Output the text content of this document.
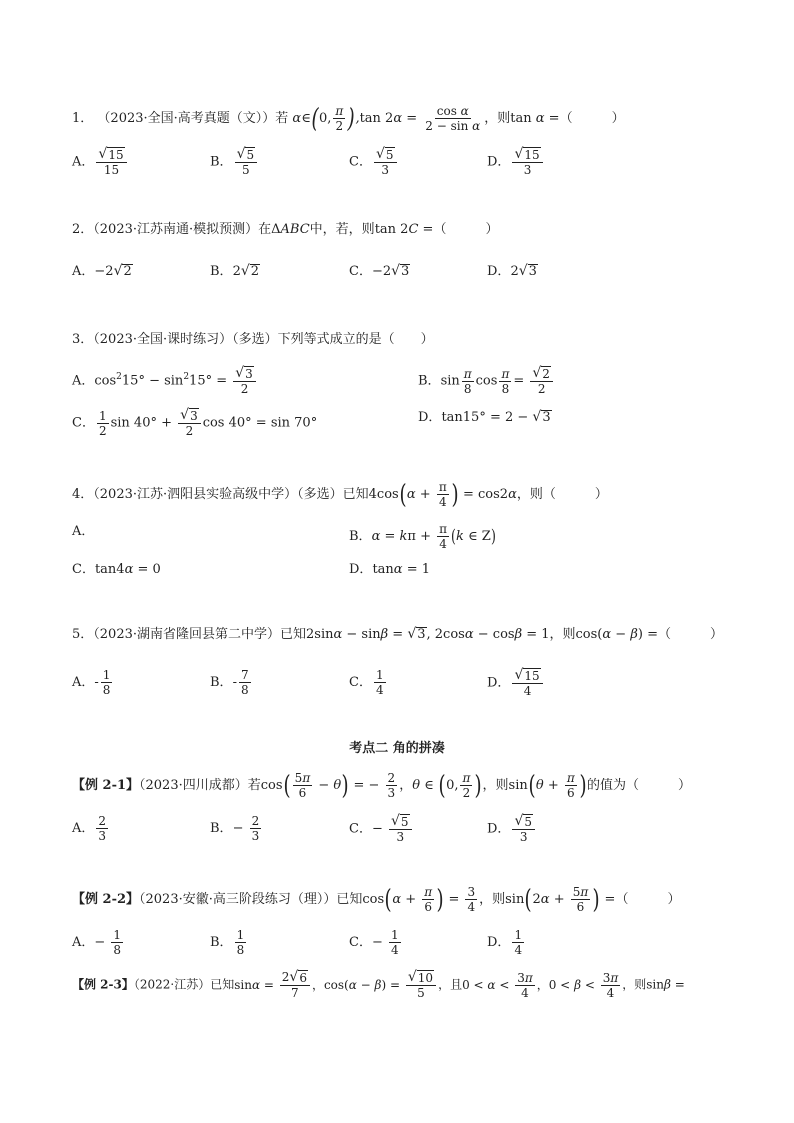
1． （2023·全国·高考真题（文））若 α∈(0, $\frac{\pi}{2} ),\tan$ $2\alpha = \frac{\text{cos α}}{\text{2 − sin α}}$ ，则tan α =（　　　）
A． $\frac{√ 15}{15}$	B． $\frac{√ 5}{5}$	C． $\frac{√ 5}{3}$	D． $\frac{√ 15}{3}$
2．（2023·江苏南通·模拟预测）在ΔABC中，若，则tan 2C =（　　　）
A．−2 √ 2	B．2 √ 2	C．−2 √ 3	D．2 √ 3
3．（2023·全国·课时练习）（多选）下列等式成立的是（　　）
A．$\cos^215^\circ - \sin^215^\circ = \frac{√ 3}{2}$	B．$\sin \frac{\pi}{8}$ $\cos \frac{\pi}{8} = \frac{√ 2}{2}$
C． $\frac{1}{2}$ $\sin 40^\circ + \frac{√ 3}{2}$ cos 40° = sin 70°	D．tan15° = 2 − √ 3
4．（2023·江苏·泗阳县实验高级中学）（多选）已知$4\cos(\alpha + \frac{\pi}{4}$ ) = cos2α，则（　　　）
A．	B．$\alpha = k\pi + \frac{\pi}{4} (k$ ∈ Z)
C．tan4α = 0	D．tanα = 1
5．（2023·湖南省隆回县第二中学）已知2sinα − sinβ = √ 3 , 2cosα − cosβ = 1，则cos(α − β) =（　　　）
A．- $\frac{1}{8}$	B．- $\frac{7}{8}$	C． $\frac{1}{4}$	D． $\frac{√ 15}{4}$
考点二 角的拼凑
【例 2-1】（2023·四川成都）若$\cos( \frac{5\pi}{6} - \theta)$ = − $\frac{2}{3}$ ，θ ∈ (0, $\frac{\pi}{2}$ )，则$\sin(\theta + \frac{\pi}{6}$ )的值为（　　　）
A． $\frac{2}{3}$	B．− $\frac{2}{3}$	C．− $\frac{√ 5}{3}$	D． $\frac{√ 5}{3}$
【例 2-2】（2023·安徽·高三阶段练习（理））已知$\cos(\alpha + \frac{\pi}{6}$ ) = $\frac{3}{4}$ ，则$\sin(2\alpha + \frac{5\pi}{6}$ ) =（　　　）
A．− $\frac{1}{8}$	B． $\frac{1}{8}$	C．− $\frac{1}{4}$	D． $\frac{1}{4}$
【例 2-3】（2022·江苏）已知$\sin\alpha = \frac{2 √ 6}{7}$ ，$\cos(\alpha - \beta) = \frac{√ 10}{5}$ ，且$0 < \alpha < \frac{3\pi}{4}$ ，$0 < \beta < \frac{3\pi}{4}$ ，则sinβ =
